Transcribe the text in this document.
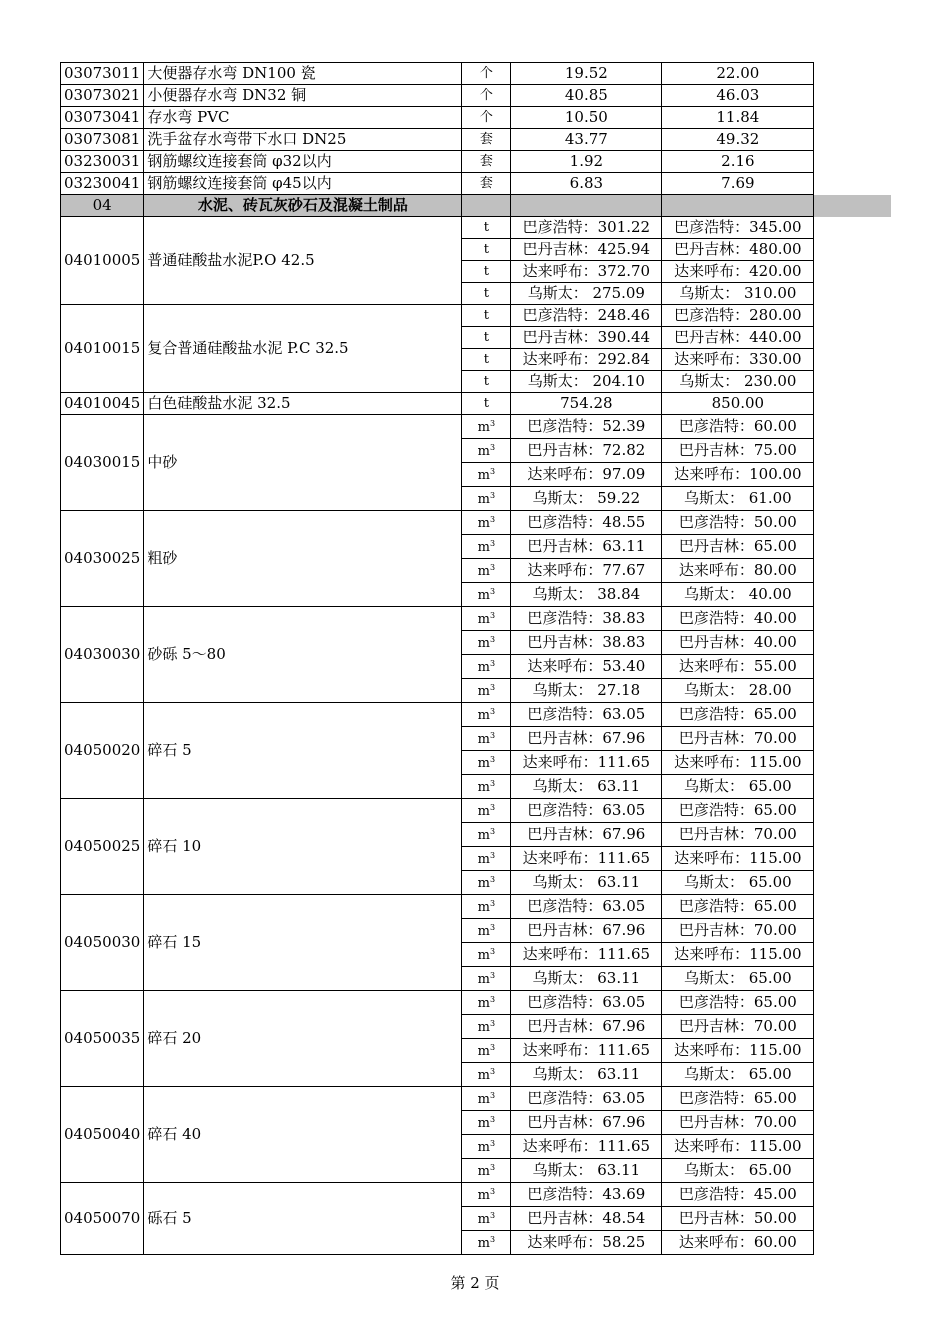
03073011	大便器存水弯 DN100 瓷	个	19.52	22.00	
03073021	小便器存水弯 DN32 铜	个	40.85	46.03	
03073041	存水弯 PVC	个	10.50	11.84	
03073081	洗手盆存水弯带下水口 DN25	套	43.77	49.32	
03230031	钢筋螺纹连接套筒 φ32以内	套	1.92	2.16	
03230041	钢筋螺纹连接套筒 φ45以内	套	6.83	7.69	
04	水泥、砖瓦灰砂石及混凝土制品				
04010005	普通硅酸盐水泥P.O 42.5	t	巴彦浩特：301.22	巴彦浩特：345.00	
		t	巴丹吉林：425.94	巴丹吉林：480.00	
		t	达来呼布：372.70	达来呼布：420.00	
		t	乌斯太： 275.09	乌斯太： 310.00	
04010015	复合普通硅酸盐水泥 P.C 32.5	t	巴彦浩特：248.46	巴彦浩特：280.00	
		t	巴丹吉林：390.44	巴丹吉林：440.00	
		t	达来呼布：292.84	达来呼布：330.00	
		t	乌斯太： 204.10	乌斯太： 230.00	
04010045	白色硅酸盐水泥 32.5	t	754.28	850.00	
04030015	中砂	$m^3$	巴彦浩特：52.39	巴彦浩特：60.00	
		$m^3$	巴丹吉林：72.82	巴丹吉林：75.00	
		$m^3$	达来呼布：97.09	达来呼布：100.00	
		$m^3$	乌斯太： 59.22	乌斯太： 61.00	
04030025	粗砂	$m^3$	巴彦浩特：48.55	巴彦浩特：50.00	
		$m^3$	巴丹吉林：63.11	巴丹吉林：65.00	
		$m^3$	达来呼布：77.67	达来呼布：80.00	
		$m^3$	乌斯太： 38.84	乌斯太： 40.00	
04030030	砂砾 5～80	$m^3$	巴彦浩特：38.83	巴彦浩特：40.00	
		$m^3$	巴丹吉林：38.83	巴丹吉林：40.00	
		$m^3$	达来呼布：53.40	达来呼布：55.00	
		$m^3$	乌斯太： 27.18	乌斯太： 28.00	
04050020	碎石 5	$m^3$	巴彦浩特：63.05	巴彦浩特：65.00	
		$m^3$	巴丹吉林：67.96	巴丹吉林：70.00	
		$m^3$	达来呼布：111.65	达来呼布：115.00	
		$m^3$	乌斯太： 63.11	乌斯太： 65.00	
04050025	碎石 10	$m^3$	巴彦浩特：63.05	巴彦浩特：65.00	
		$m^3$	巴丹吉林：67.96	巴丹吉林：70.00	
		$m^3$	达来呼布：111.65	达来呼布：115.00	
		$m^3$	乌斯太： 63.11	乌斯太： 65.00	
04050030	碎石 15	$m^3$	巴彦浩特：63.05	巴彦浩特：65.00	
		$m^3$	巴丹吉林：67.96	巴丹吉林：70.00	
		$m^3$	达来呼布：111.65	达来呼布：115.00	
		$m^3$	乌斯太： 63.11	乌斯太： 65.00	
04050035	碎石 20	$m^3$	巴彦浩特：63.05	巴彦浩特：65.00	
		$m^3$	巴丹吉林：67.96	巴丹吉林：70.00	
		$m^3$	达来呼布：111.65	达来呼布：115.00	
		$m^3$	乌斯太： 63.11	乌斯太： 65.00	
04050040	碎石 40	$m^3$	巴彦浩特：63.05	巴彦浩特：65.00	
		$m^3$	巴丹吉林：67.96	巴丹吉林：70.00	
		$m^3$	达来呼布：111.65	达来呼布：115.00	
		$m^3$	乌斯太： 63.11	乌斯太： 65.00	
04050070	砾石 5	$m^3$	巴彦浩特：43.69	巴彦浩特：45.00	
		$m^3$	巴丹吉林：48.54	巴丹吉林：50.00	
		$m^3$	达来呼布：58.25	达来呼布：60.00	
第 2 页
